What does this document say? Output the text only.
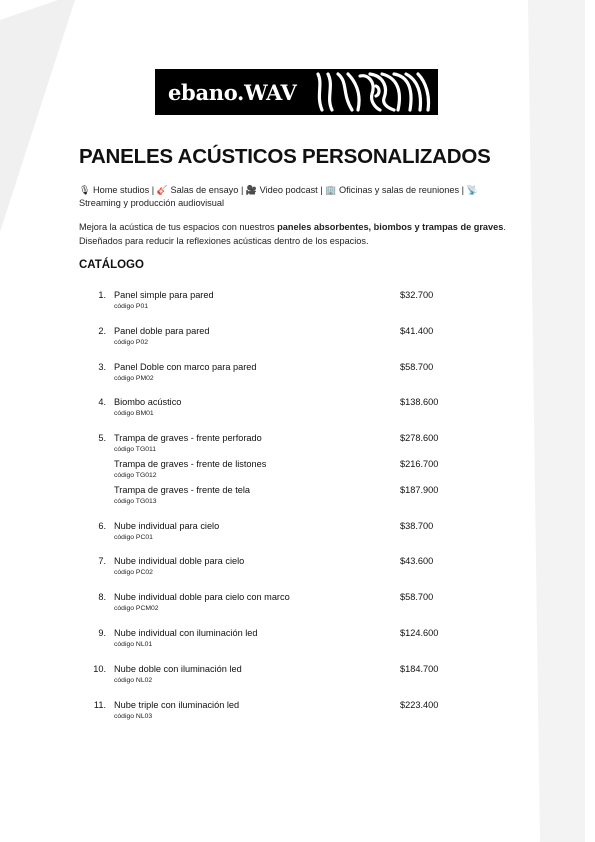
ebano.WAV
PANELES ACÚSTICOS PERSONALIZADOS
🎙 Home studios | 🎸 Salas de ensayo | 🎥 Video podcast | 🏢 Oficinas y salas de reuniones | 📡 Streaming y producción audiovisual

Mejora la acústica de tus espacios con nuestros paneles absorbentes, biombos y trampas de graves. Diseñados para reducir la reflexiones acústicas dentro de los espacios.

CATÁLOGO
1. Panel simple para pared	$32.700
código P01
2. Panel doble para pared	$41.400
código P02
3. Panel Doble con marco para pared	$58.700
código PM02
4. Biombo acústico	$138.600
código BM01
5. Trampa de graves - frente perforado	$278.600
código TG011
Trampa de graves - frente de listones	$216.700
código TG012
Trampa de graves - frente de tela	$187.900
código TG013
6. Nube individual para cielo	$38.700
código PC01
7. Nube individual doble para cielo	$43.600
código PC02
8. Nube individual doble para cielo con marco	$58.700
código PCM02
9. Nube individual con iluminación led	$124.600
código NL01
10. Nube doble con iluminación led	$184.700
código NL02
11. Nube triple con iluminación led	$223.400
código NL03
